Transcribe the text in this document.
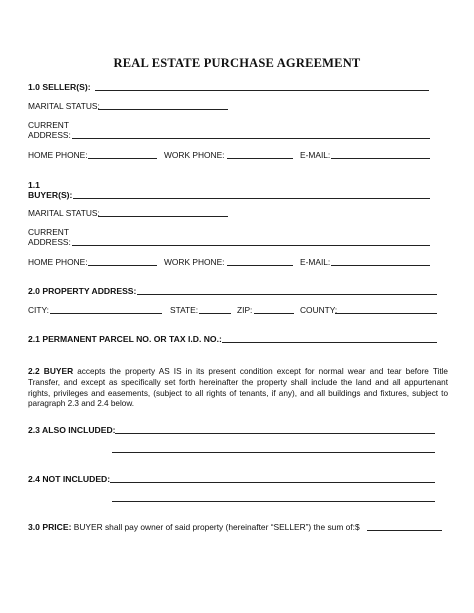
REAL ESTATE PURCHASE AGREEMENT
1.0 SELLER(S):
MARITAL STATUS:
CURRENT
ADDRESS:
HOME PHONE:	WORK PHONE:	E-MAIL:
1.1
BUYER(S):
MARITAL STATUS:
CURRENT
ADDRESS:
HOME PHONE:	WORK PHONE:	E-MAIL:
2.0 PROPERTY ADDRESS:
CITY:	STATE:	ZIP:	COUNTY:
2.1 PERMANENT PARCEL NO. OR TAX I.D. NO.:
2.2 BUYER accepts the property AS IS in its present condition except for normal wear and tear before Title Transfer, and except as specifically set forth hereinafter the property shall include the land and all appurtenant rights, privileges and easements, (subject to all rights of tenants, if any), and all buildings and fixtures, subject to paragraph 2.3 and 2.4 below.
2.3 ALSO INCLUDED:
2.4 NOT INCLUDED:
3.0 PRICE: BUYER shall pay owner of said property (hereinafter “SELLER”) the sum of:$
